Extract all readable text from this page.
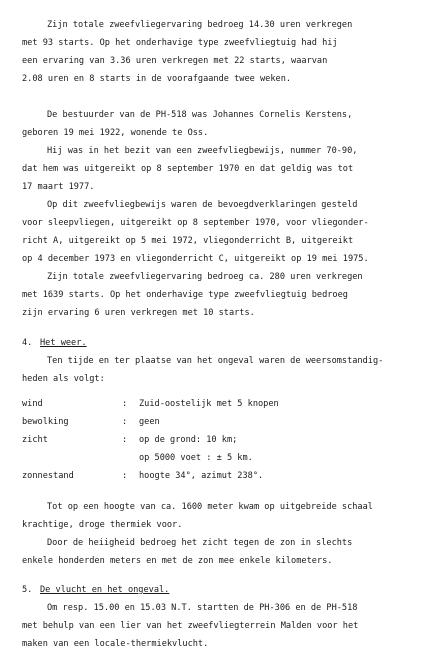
Zijn totale zweefvliegervaring bedroeg 14.30 uren verkregen
met 93 starts. Op het onderhavige type zweefvliegtuig had hij
een ervaring van 3.36 uren verkregen met 22 starts, waarvan
2.08 uren en 8 starts in de voorafgaande twee weken.
De bestuurder van de PH-518 was Johannes Cornelis Kerstens,
geboren 19 mei 1922, wonende te Oss.
Hij was in het bezit van een zweefvliegbewijs, nummer 70-90,
dat hem was uitgereikt op 8 september 1970 en dat geldig was tot
17 maart 1977.
Op dit zweefvliegbewijs waren de bevoegdverklaringen gesteld
voor sleepvliegen, uitgereikt op 8 september 1970, voor vliegonder-
richt A, uitgereikt op 5 mei 1972, vliegonderricht B, uitgereikt
op 4 december 1973 en vliegonderricht C, uitgereikt op 19 mei 1975.
Zijn totale zweefvliegervaring bedroeg ca. 280 uren verkregen
met 1639 starts. Op het onderhavige type zweefvliegtuig bedroeg
zijn ervaring 6 uren verkregen met 10 starts.
4. Het weer.
Ten tijde en ter plaatse van het ongeval waren de weersomstandig-
heden als volgt:
wind	: Zuid-oostelijk met 5 knopen
bewolking	: geen
zicht	: op de grond: 10 km;
op 5000 voet : ± 5 km.
zonnestand	: hoogte 34°, azimut 238°.
Tot op een hoogte van ca. 1600 meter kwam op uitgebreide schaal
krachtige, droge thermiek voor.
Door de heiigheid bedroeg het zicht tegen de zon in slechts
enkele honderden meters en met de zon mee enkele kilometers.
5. De vlucht en het ongeval.
Om resp. 15.00 en 15.03 N.T. startten de PH-306 en de PH-518
met behulp van een lier van het zweefvliegterrein Malden voor het
maken van een locale-thermiekvlucht.
